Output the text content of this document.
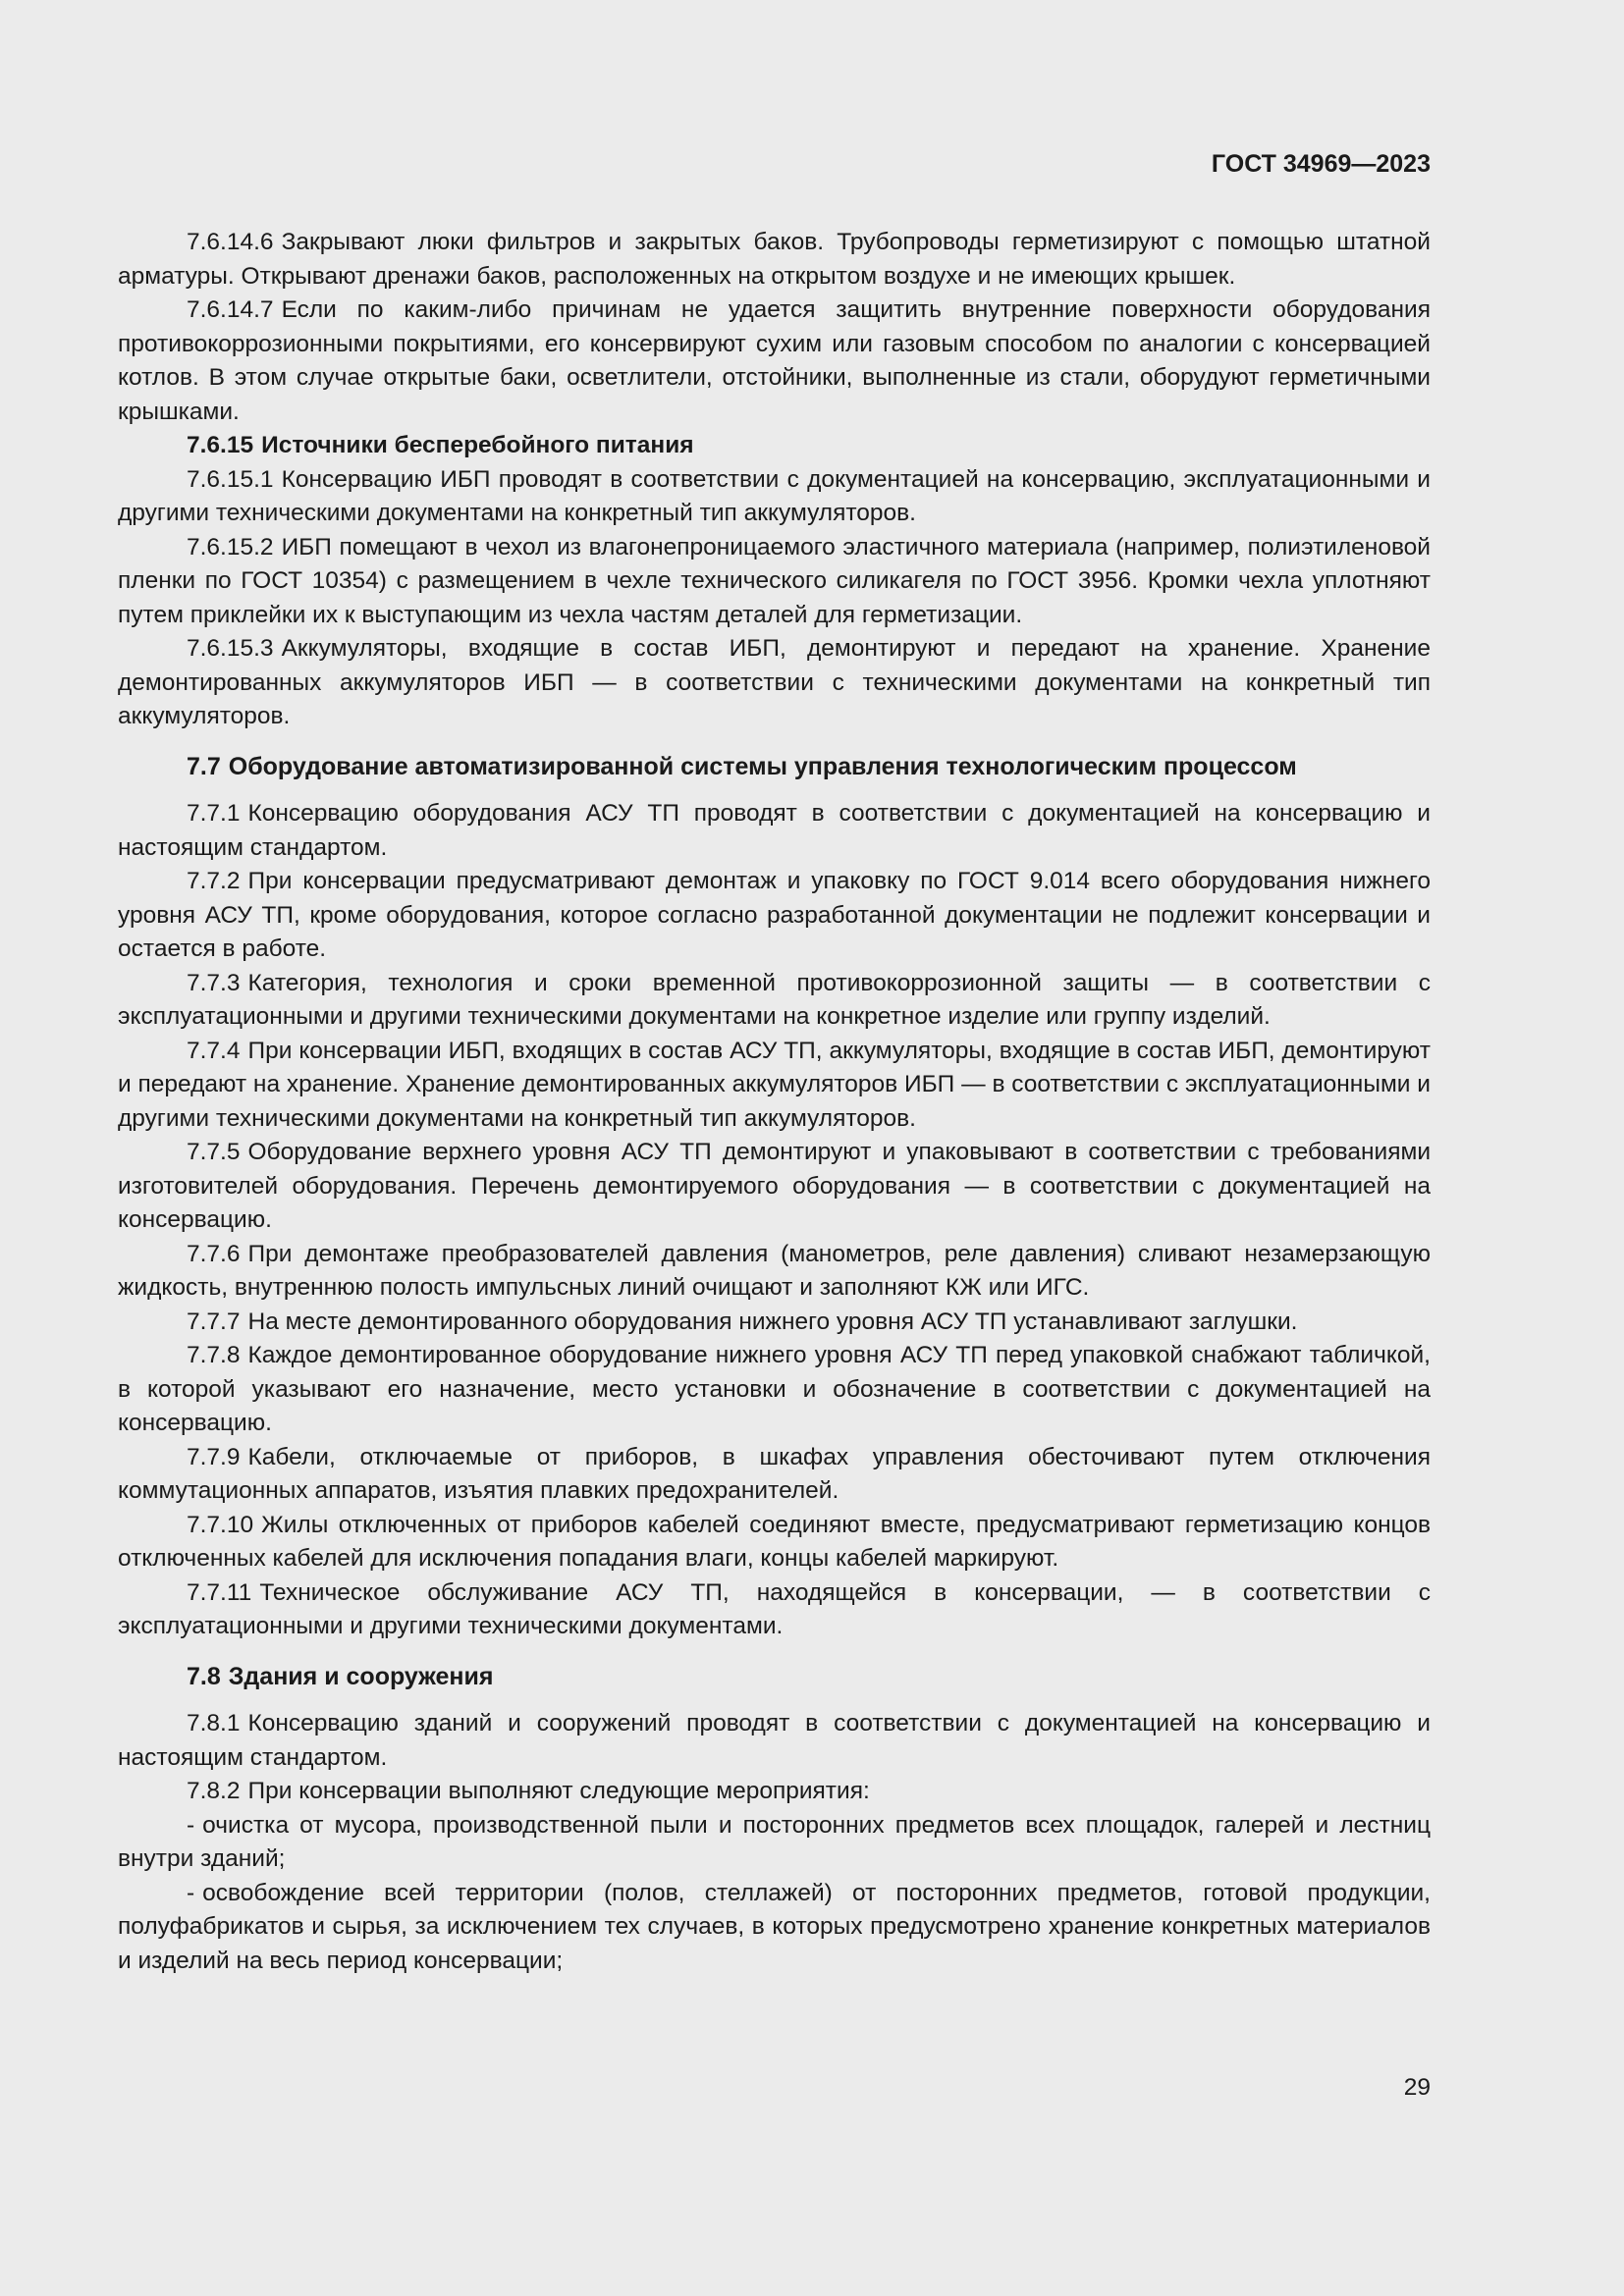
ГОСТ 34969—2023

7.6.14.6 Закрывают люки фильтров и закрытых баков. Трубопроводы герметизируют с помощью штатной арматуры. Открывают дренажи баков, расположенных на открытом воздухе и не имеющих крышек.

7.6.14.7 Если по каким-либо причинам не удается защитить внутренние поверхности оборудования противокоррозионными покрытиями, его консервируют сухим или газовым способом по аналогии с консервацией котлов. В этом случае открытые баки, осветлители, отстойники, выполненные из стали, оборудуют герметичными крышками.

7.6.15 Источники бесперебойного питания

7.6.15.1 Консервацию ИБП проводят в соответствии с документацией на консервацию, эксплуатационными и другими техническими документами на конкретный тип аккумуляторов.

7.6.15.2 ИБП помещают в чехол из влагонепроницаемого эластичного материала (например, полиэтиленовой пленки по ГОСТ 10354) с размещением в чехле технического силикагеля по ГОСТ 3956. Кромки чехла уплотняют путем приклейки их к выступающим из чехла частям деталей для герметизации.

7.6.15.3 Аккумуляторы, входящие в состав ИБП, демонтируют и передают на хранение. Хранение демонтированных аккумуляторов ИБП — в соответствии с техническими документами на конкретный тип аккумуляторов.

7.7 Оборудование автоматизированной системы управления технологическим процессом

7.7.1 Консервацию оборудования АСУ ТП проводят в соответствии с документацией на консервацию и настоящим стандартом.

7.7.2 При консервации предусматривают демонтаж и упаковку по ГОСТ 9.014 всего оборудования нижнего уровня АСУ ТП, кроме оборудования, которое согласно разработанной документации не подлежит консервации и остается в работе.

7.7.3 Категория, технология и сроки временной противокоррозионной защиты — в соответствии с эксплуатационными и другими техническими документами на конкретное изделие или группу изделий.

7.7.4 При консервации ИБП, входящих в состав АСУ ТП, аккумуляторы, входящие в состав ИБП, демонтируют и передают на хранение. Хранение демонтированных аккумуляторов ИБП — в соответствии с эксплуатационными и другими техническими документами на конкретный тип аккумуляторов.

7.7.5 Оборудование верхнего уровня АСУ ТП демонтируют и упаковывают в соответствии с требованиями изготовителей оборудования. Перечень демонтируемого оборудования — в соответствии с документацией на консервацию.

7.7.6 При демонтаже преобразователей давления (манометров, реле давления) сливают незамерзающую жидкость, внутреннюю полость импульсных линий очищают и заполняют КЖ или ИГС.

7.7.7 На месте демонтированного оборудования нижнего уровня АСУ ТП устанавливают заглушки.

7.7.8 Каждое демонтированное оборудование нижнего уровня АСУ ТП перед упаковкой снабжают табличкой, в которой указывают его назначение, место установки и обозначение в соответствии с документацией на консервацию.

7.7.9 Кабели, отключаемые от приборов, в шкафах управления обесточивают путем отключения коммутационных аппаратов, изъятия плавких предохранителей.

7.7.10 Жилы отключенных от приборов кабелей соединяют вместе, предусматривают герметизацию концов отключенных кабелей для исключения попадания влаги, концы кабелей маркируют.

7.7.11 Техническое обслуживание АСУ ТП, находящейся в консервации, — в соответствии с эксплуатационными и другими техническими документами.

7.8 Здания и сооружения

7.8.1 Консервацию зданий и сооружений проводят в соответствии с документацией на консервацию и настоящим стандартом.

7.8.2 При консервации выполняют следующие мероприятия:

- очистка от мусора, производственной пыли и посторонних предметов всех площадок, галерей и лестниц внутри зданий;

- освобождение всей территории (полов, стеллажей) от посторонних предметов, готовой продукции, полуфабрикатов и сырья, за исключением тех случаев, в которых предусмотрено хранение конкретных материалов и изделий на весь период консервации;

29
